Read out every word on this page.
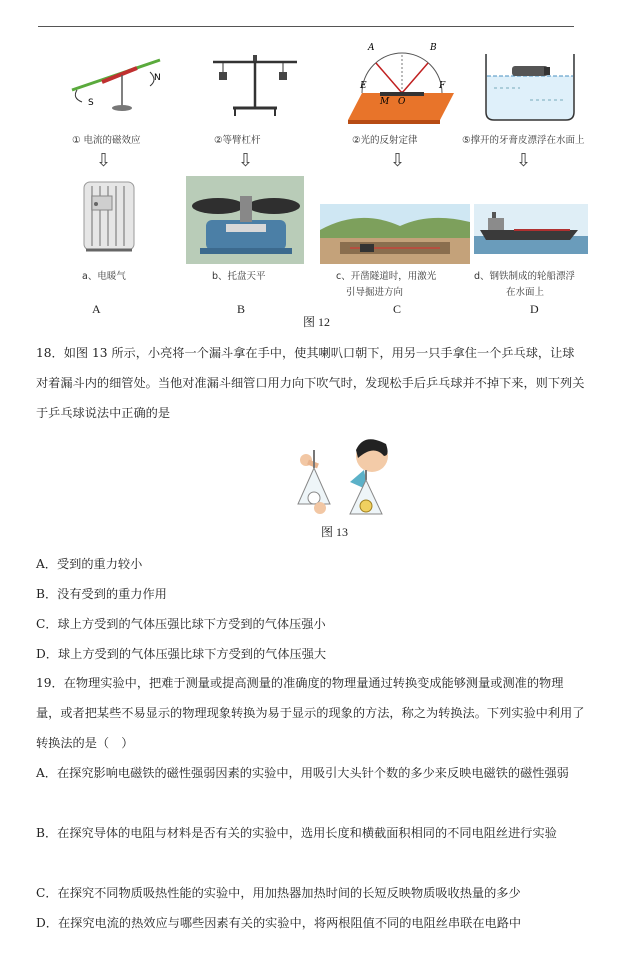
S
N
A	B
E	F
M O
① 电流的磁效应	②等臂杠杆	②光的反射定律	⑤撑开的牙膏皮漂浮在水面上
⇩	⇩	⇩	⇩
a、电暖气	b、托盘天平	c、开凿隧道时，用激光
引导掘进方向
d、钢铁制成的轮船漂浮
在水面上
A	B	C	D
图 12
18．如图 13 所示，小亮将一个漏斗拿在手中，使其喇叭口朝下，用另一只手拿住一个乒乓球，让球对着漏斗内的细管处。当他对准漏斗细管口用力向下吹气时，发现松手后乒乓球并不掉下来，则下列关于乒乓球说法中正确的是
图 13
A．受到的重力较小
B．没有受到的重力作用
C．球上方受到的气体压强比球下方受到的气体压强小
D．球上方受到的气体压强比球下方受到的气体压强大
19．在物理实验中，把难于测量或提高测量的准确度的物理量通过转换变成能够测量或测准的物理量，或者把某些不易显示的物理现象转换为易于显示的现象的方法，称之为转换法。下列实验中利用了转换法的是（　）
A．在探究影响电磁铁的磁性强弱因素的实验中，用吸引大头针个数的多少来反映电磁铁的磁性强弱
B．在探究导体的电阻与材料是否有关的实验中，选用长度和横截面积相同的不同电阻丝进行实验
C．在探究不同物质吸热性能的实验中，用加热器加热时间的长短反映物质吸收热量的多少
D．在探究电流的热效应与哪些因素有关的实验中，将两根阻值不同的电阻丝串联在电路中
